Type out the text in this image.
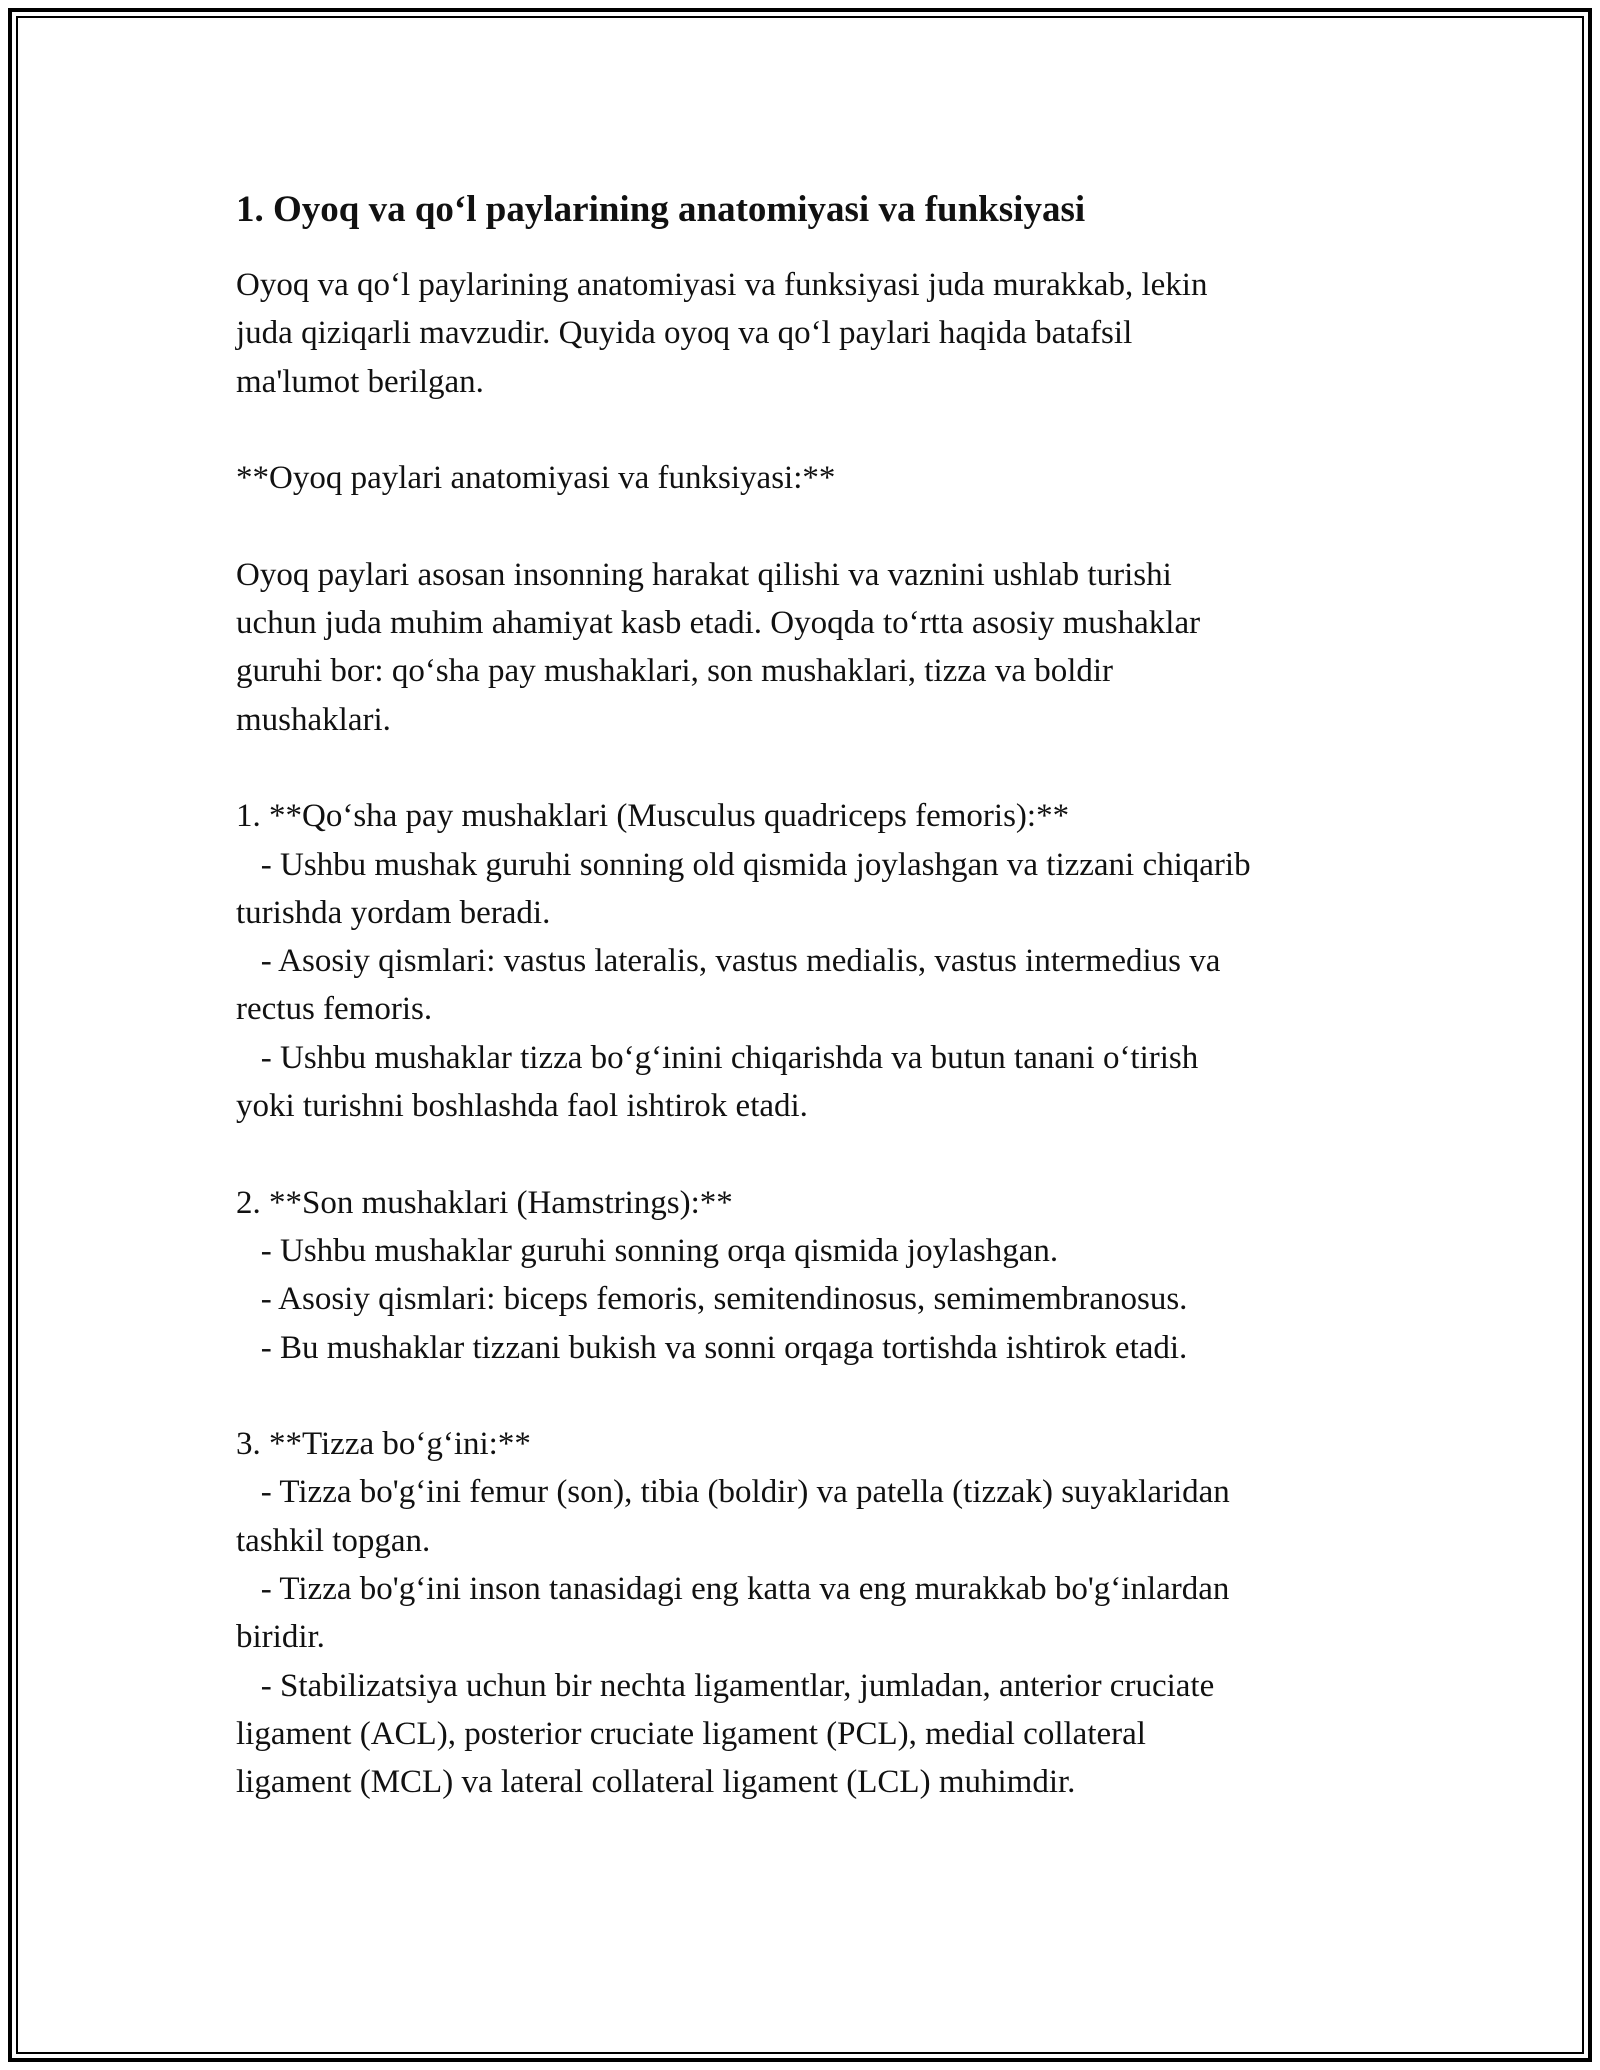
1. Oyoq va qo‘l paylarining anatomiyasi va funksiyasi

Oyoq va qo‘l paylarining anatomiyasi va funksiyasi juda murakkab, lekin
juda qiziqarli mavzudir. Quyida oyoq va qo‘l paylari haqida batafsil
ma'lumot berilgan.

**Oyoq paylari anatomiyasi va funksiyasi:**

Oyoq paylari asosan insonning harakat qilishi va vaznini ushlab turishi
uchun juda muhim ahamiyat kasb etadi. Oyoqda to‘rtta asosiy mushaklar
guruhi bor: qo‘sha pay mushaklari, son mushaklari, tizza va boldir
mushaklari.

1. **Qo‘sha pay mushaklari (Musculus quadriceps femoris):**
- Ushbu mushak guruhi sonning old qismida joylashgan va tizzani chiqarib
turishda yordam beradi.
- Asosiy qismlari: vastus lateralis, vastus medialis, vastus intermedius va
rectus femoris.
- Ushbu mushaklar tizza bo‘g‘inini chiqarishda va butun tanani o‘tirish
yoki turishni boshlashda faol ishtirok etadi.

2. **Son mushaklari (Hamstrings):**
- Ushbu mushaklar guruhi sonning orqa qismida joylashgan.
- Asosiy qismlari: biceps femoris, semitendinosus, semimembranosus.
- Bu mushaklar tizzani bukish va sonni orqaga tortishda ishtirok etadi.

3. **Tizza bo‘g‘ini:**
- Tizza bo'g‘ini femur (son), tibia (boldir) va patella (tizzak) suyaklaridan
tashkil topgan.
- Tizza bo'g‘ini inson tanasidagi eng katta va eng murakkab bo'g‘inlardan
biridir.
- Stabilizatsiya uchun bir nechta ligamentlar, jumladan, anterior cruciate
ligament (ACL), posterior cruciate ligament (PCL), medial collateral
ligament (MCL) va lateral collateral ligament (LCL) muhimdir.
